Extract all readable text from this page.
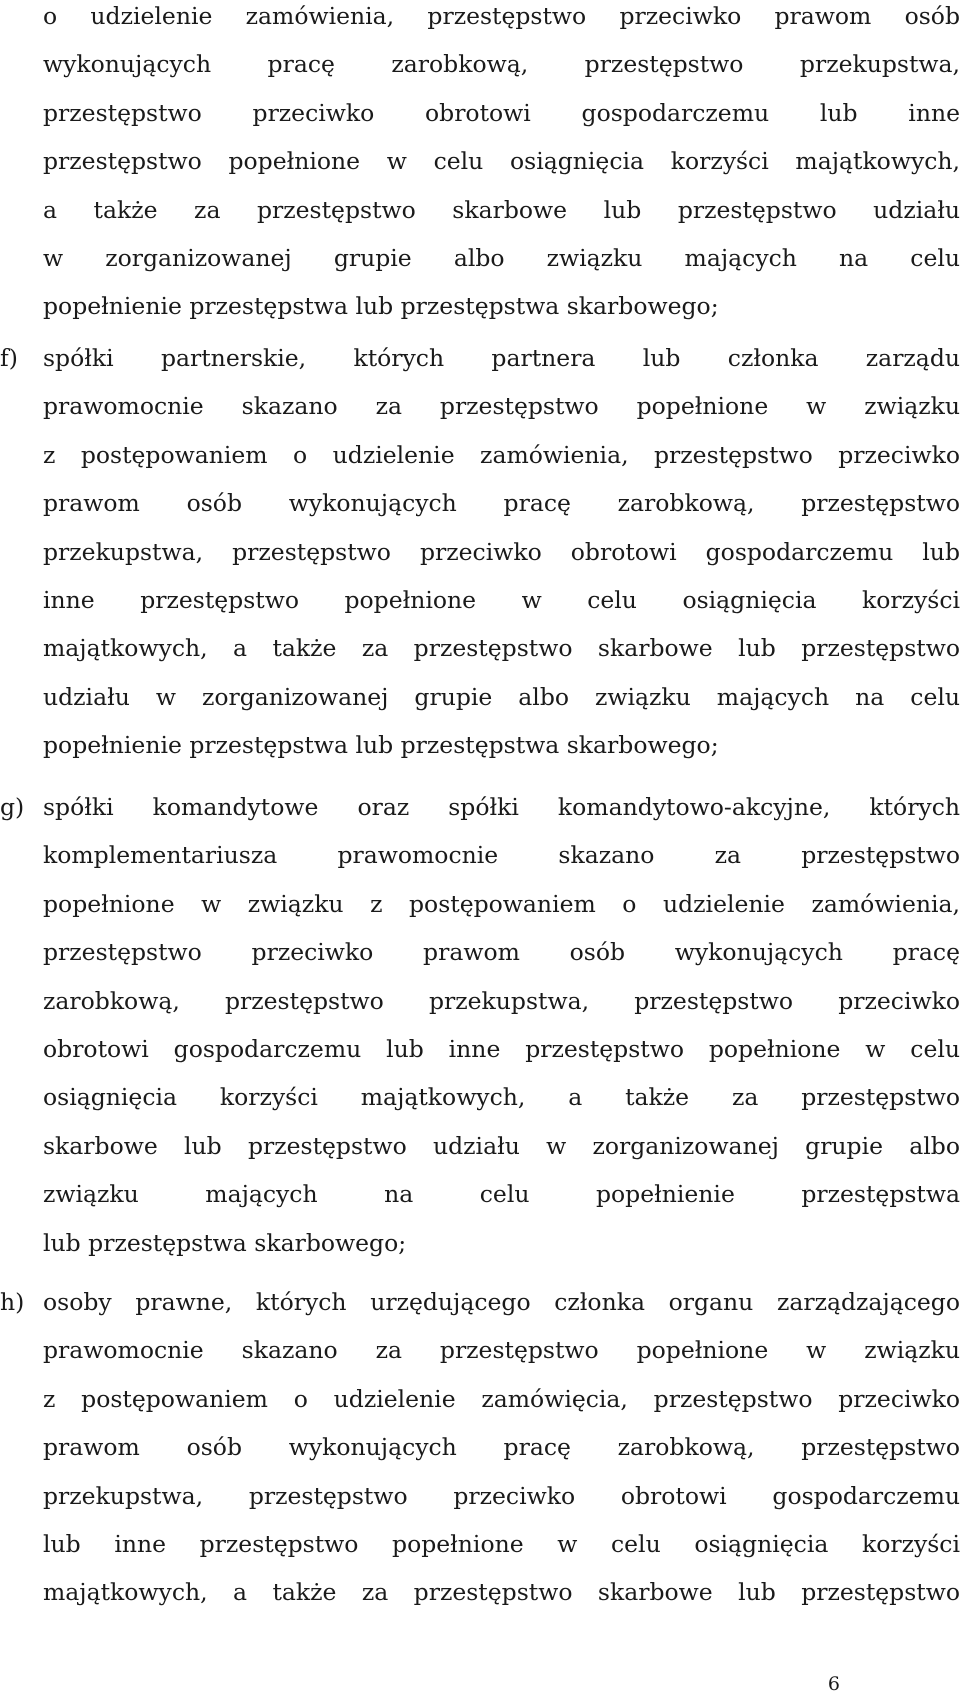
o udzielenie zamówienia, przestępstwo przeciwko prawom osób
wykonujących pracę zarobkową, przestępstwo przekupstwa,
przestępstwo przeciwko obrotowi gospodarczemu lub inne
przestępstwo popełnione w celu osiągnięcia korzyści majątkowych,
a także za przestępstwo skarbowe lub przestępstwo udziału
w zorganizowanej grupie albo związku mających na celu
popełnienie przestępstwa lub przestępstwa skarbowego;
f) spółki partnerskie, których partnera lub członka zarządu
prawomocnie skazano za przestępstwo popełnione w związku
z postępowaniem o udzielenie zamówienia, przestępstwo przeciwko
prawom osób wykonujących pracę zarobkową, przestępstwo
przekupstwa, przestępstwo przeciwko obrotowi gospodarczemu lub
inne przestępstwo popełnione w celu osiągnięcia korzyści
majątkowych, a także za przestępstwo skarbowe lub przestępstwo
udziału w zorganizowanej grupie albo związku mających na celu
popełnienie przestępstwa lub przestępstwa skarbowego;
g) spółki komandytowe oraz spółki komandytowo-akcyjne, których
komplementariusza prawomocnie skazano za przestępstwo
popełnione w związku z postępowaniem o udzielenie zamówienia,
przestępstwo przeciwko prawom osób wykonujących pracę
zarobkową, przestępstwo przekupstwa, przestępstwo przeciwko
obrotowi gospodarczemu lub inne przestępstwo popełnione w celu
osiągnięcia korzyści majątkowych, a także za przestępstwo
skarbowe lub przestępstwo udziału w zorganizowanej grupie albo
związku mających na celu popełnienie przestępstwa
lub przestępstwa skarbowego;
h) osoby prawne, których urzędującego członka organu zarządzającego
prawomocnie skazano za przestępstwo popełnione w związku
z postępowaniem o udzielenie zamówięcia, przestępstwo przeciwko
prawom osób wykonujących pracę zarobkową, przestępstwo
przekupstwa, przestępstwo przeciwko obrotowi gospodarczemu
lub inne przestępstwo popełnione w celu osiągnięcia korzyści
majątkowych, a także za przestępstwo skarbowe lub przestępstwo
6
